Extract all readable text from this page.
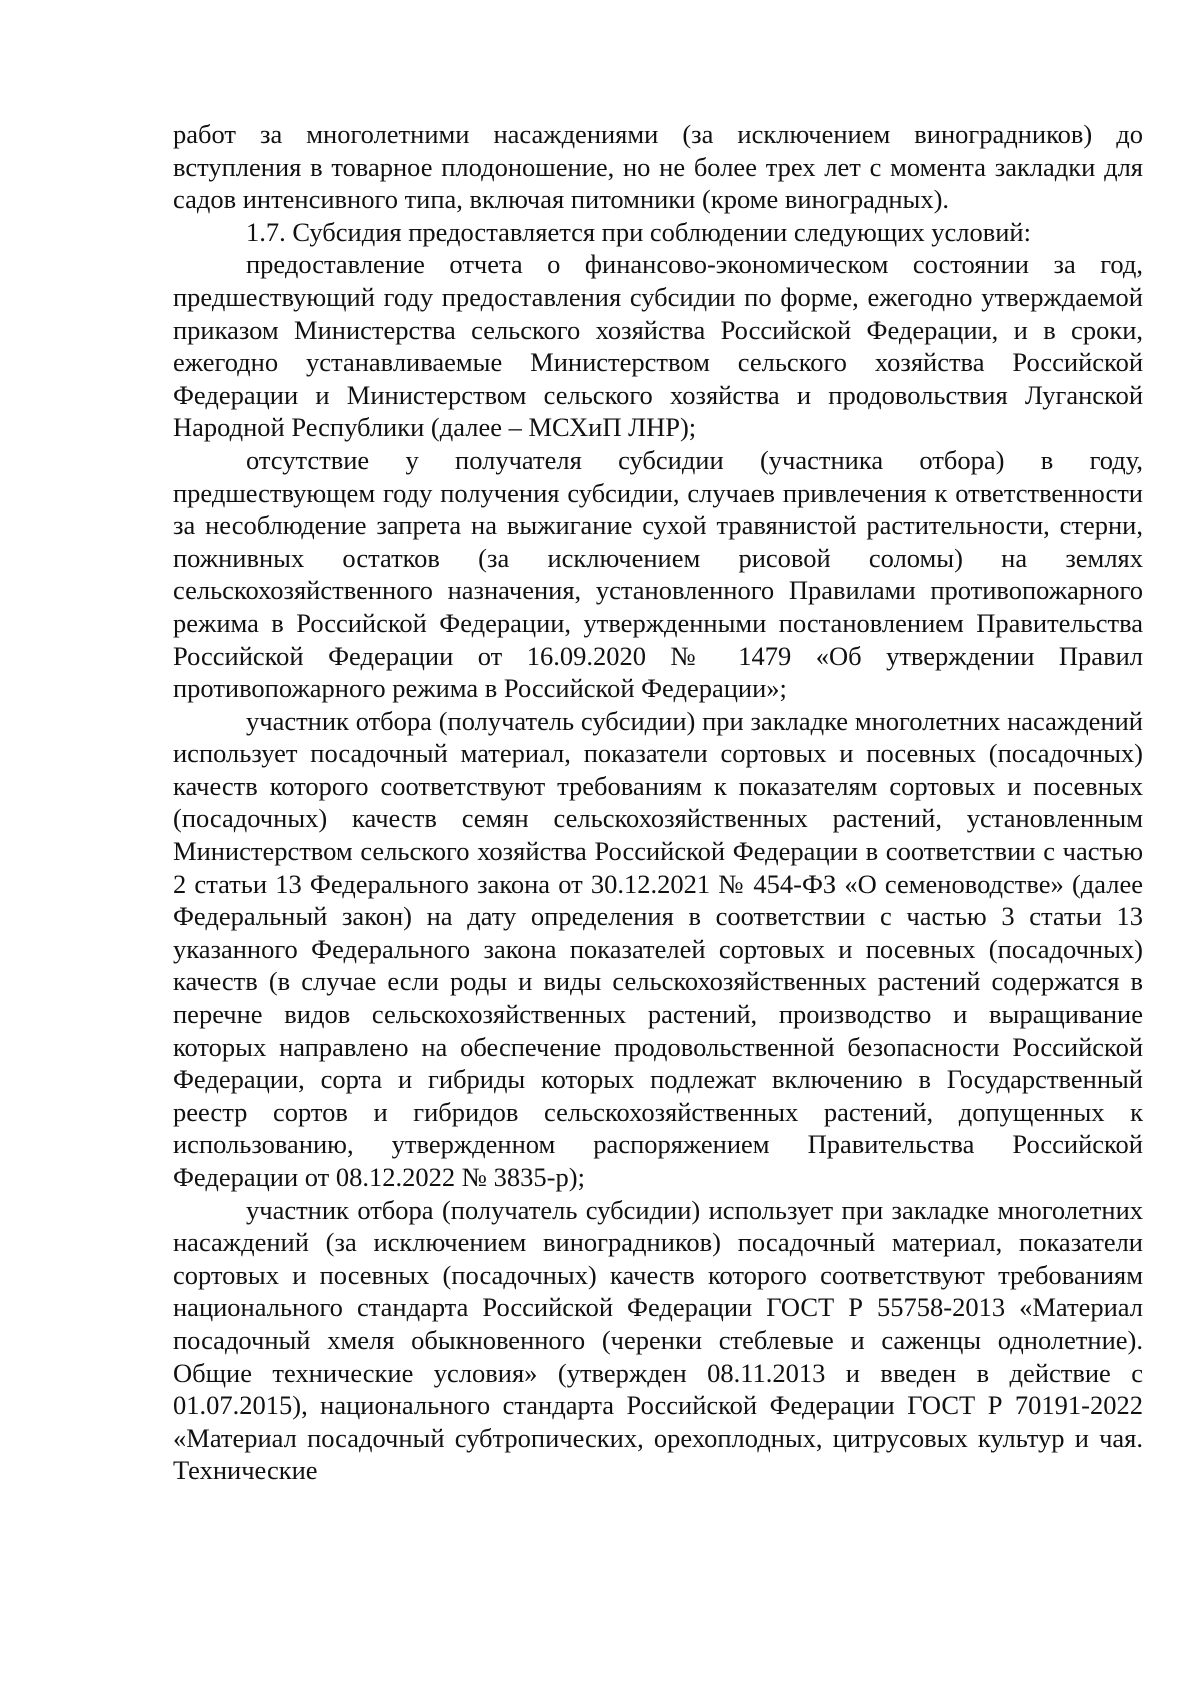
работ за многолетними насаждениями (за исключением виноградников) до вступления в товарное плодоношение, но не более трех лет с момента закладки для садов интенсивного типа, включая питомники (кроме виноградных).

1.7. Субсидия предоставляется при соблюдении следующих условий:

предоставление отчета о финансово-экономическом состоянии за год, предшествующий году предоставления субсидии по форме, ежегодно утверждаемой приказом Министерства сельского хозяйства Российской Федерации, и в сроки, ежегодно устанавливаемые Министерством сельского хозяйства Российской Федерации и Министерством сельского хозяйства и продовольствия Луганской Народной Республики (далее – МСХиП ЛНР);

отсутствие у получателя субсидии (участника отбора) в году, предшествующем году получения субсидии, случаев привлечения к ответственности за несоблюдение запрета на выжигание сухой травянистой растительности, стерни, пожнивных остатков (за исключением рисовой соломы) на землях сельскохозяйственного назначения, установленного Правилами противопожарного режима в Российской Федерации, утвержденными постановлением Правительства Российской Федерации от 16.09.2020 № 1479 «Об утверждении Правил противопожарного режима в Российской Федерации»;

участник отбора (получатель субсидии) при закладке многолетних насаждений использует посадочный материал, показатели сортовых и посевных (посадочных) качеств которого соответствуют требованиям к показателям сортовых и посевных (посадочных) качеств семян сельскохозяйственных растений, установленным Министерством сельского хозяйства Российской Федерации в соответствии с частью 2 статьи 13 Федерального закона от 30.12.2021 № 454-ФЗ «О семеноводстве» (далее Федеральный закон) на дату определения в соответствии с частью 3 статьи 13 указанного Федерального закона показателей сортовых и посевных (посадочных) качеств (в случае если роды и виды сельскохозяйственных растений содержатся в перечне видов сельскохозяйственных растений, производство и выращивание которых направлено на обеспечение продовольственной безопасности Российской Федерации, сорта и гибриды которых подлежат включению в Государственный реестр сортов и гибридов сельскохозяйственных растений, допущенных к использованию, утвержденном распоряжением Правительства Российской Федерации от 08.12.2022 № 3835-р);

участник отбора (получатель субсидии) использует при закладке многолетних насаждений (за исключением виноградников) посадочный материал, показатели сортовых и посевных (посадочных) качеств которого соответствуют требованиям национального стандарта Российской Федерации ГОСТ Р 55758-2013 «Материал посадочный хмеля обыкновенного (черенки стеблевые и саженцы однолетние). Общие технические условия» (утвержден 08.11.2013 и введен в действие с 01.07.2015), национального стандарта Российской Федерации ГОСТ Р 70191-2022 «Материал посадочный субтропических, орехоплодных, цитрусовых культур и чая. Технические
